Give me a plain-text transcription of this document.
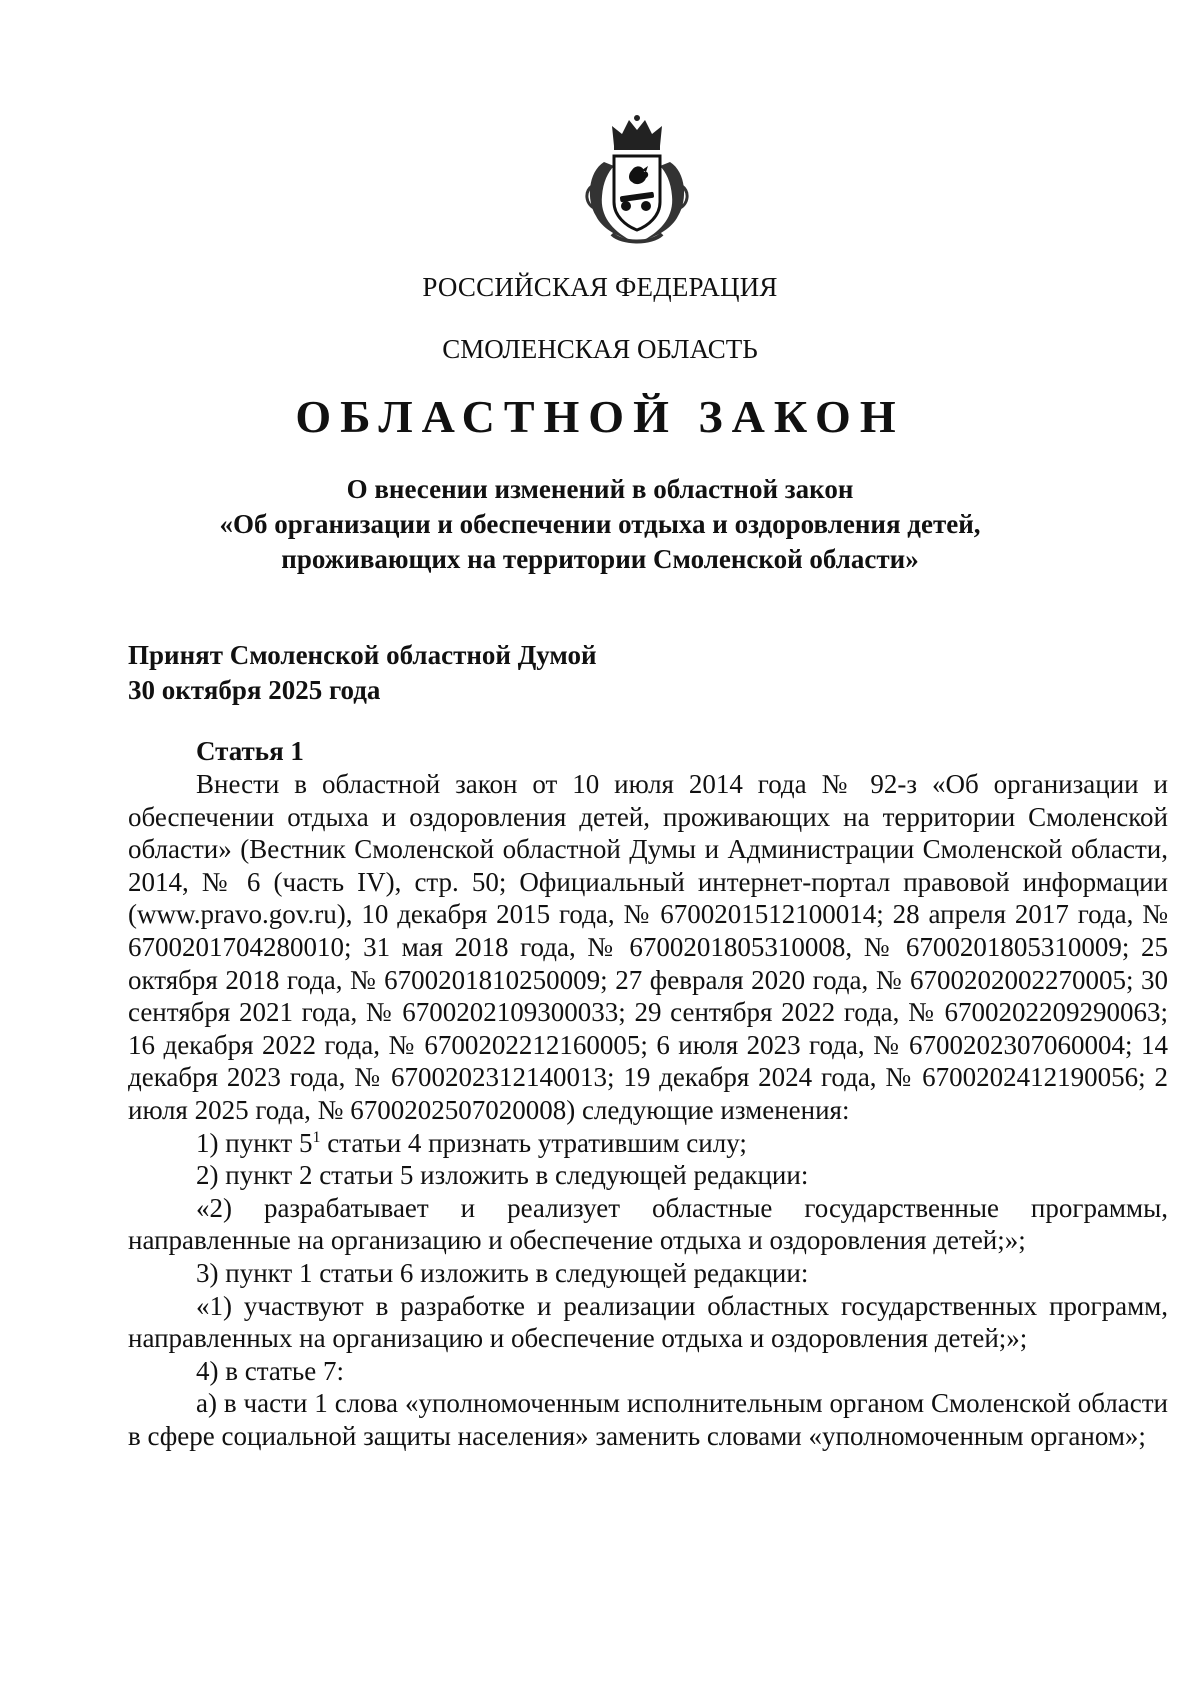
РОССИЙСКАЯ ФЕДЕРАЦИЯ
СМОЛЕНСКАЯ ОБЛАСТЬ
ОБЛАСТНОЙ ЗАКОН
О внесении изменений в областной закон
«Об организации и обеспечении отдыха и оздоровления детей,
проживающих на территории Смоленской области»
Принят Смоленской областной Думой
30 октября 2025 года
Статья 1

Внести в областной закон от 10 июля 2014 года № 92-з «Об организации и обеспечении отдыха и оздоровления детей, проживающих на территории Смоленской области» (Вестник Смоленской областной Думы и Администрации Смоленской области, 2014, № 6 (часть IV), стр. 50; Официальный интернет-портал правовой информации (www.pravo.gov.ru), 10 декабря 2015 года, № 6700201512100014; 28 апреля 2017 года, № 6700201704280010; 31 мая 2018 года, № 6700201805310008, № 6700201805310009; 25 октября 2018 года, № 6700201810250009; 27 февраля 2020 года, № 6700202002270005; 30 сентября 2021 года, № 6700202109300033; 29 сентября 2022 года, № 6700202209290063; 16 декабря 2022 года, № 6700202212160005; 6 июля 2023 года, № 6700202307060004; 14 декабря 2023 года, № 6700202312140013; 19 декабря 2024 года, № 6700202412190056; 2 июля 2025 года, № 6700202507020008) следующие изменения:

1) пункт $5^1$ статьи 4 признать утратившим силу;

2) пункт 2 статьи 5 изложить в следующей редакции:

«2) разрабатывает и реализует областные государственные программы, направленные на организацию и обеспечение отдыха и оздоровления детей;»;

3) пункт 1 статьи 6 изложить в следующей редакции:

«1) участвуют в разработке и реализации областных государственных программ, направленных на организацию и обеспечение отдыха и оздоровления детей;»;

4) в статье 7:

а) в части 1 слова «уполномоченным исполнительным органом Смоленской области в сфере социальной защиты населения» заменить словами «уполномоченным органом»;
